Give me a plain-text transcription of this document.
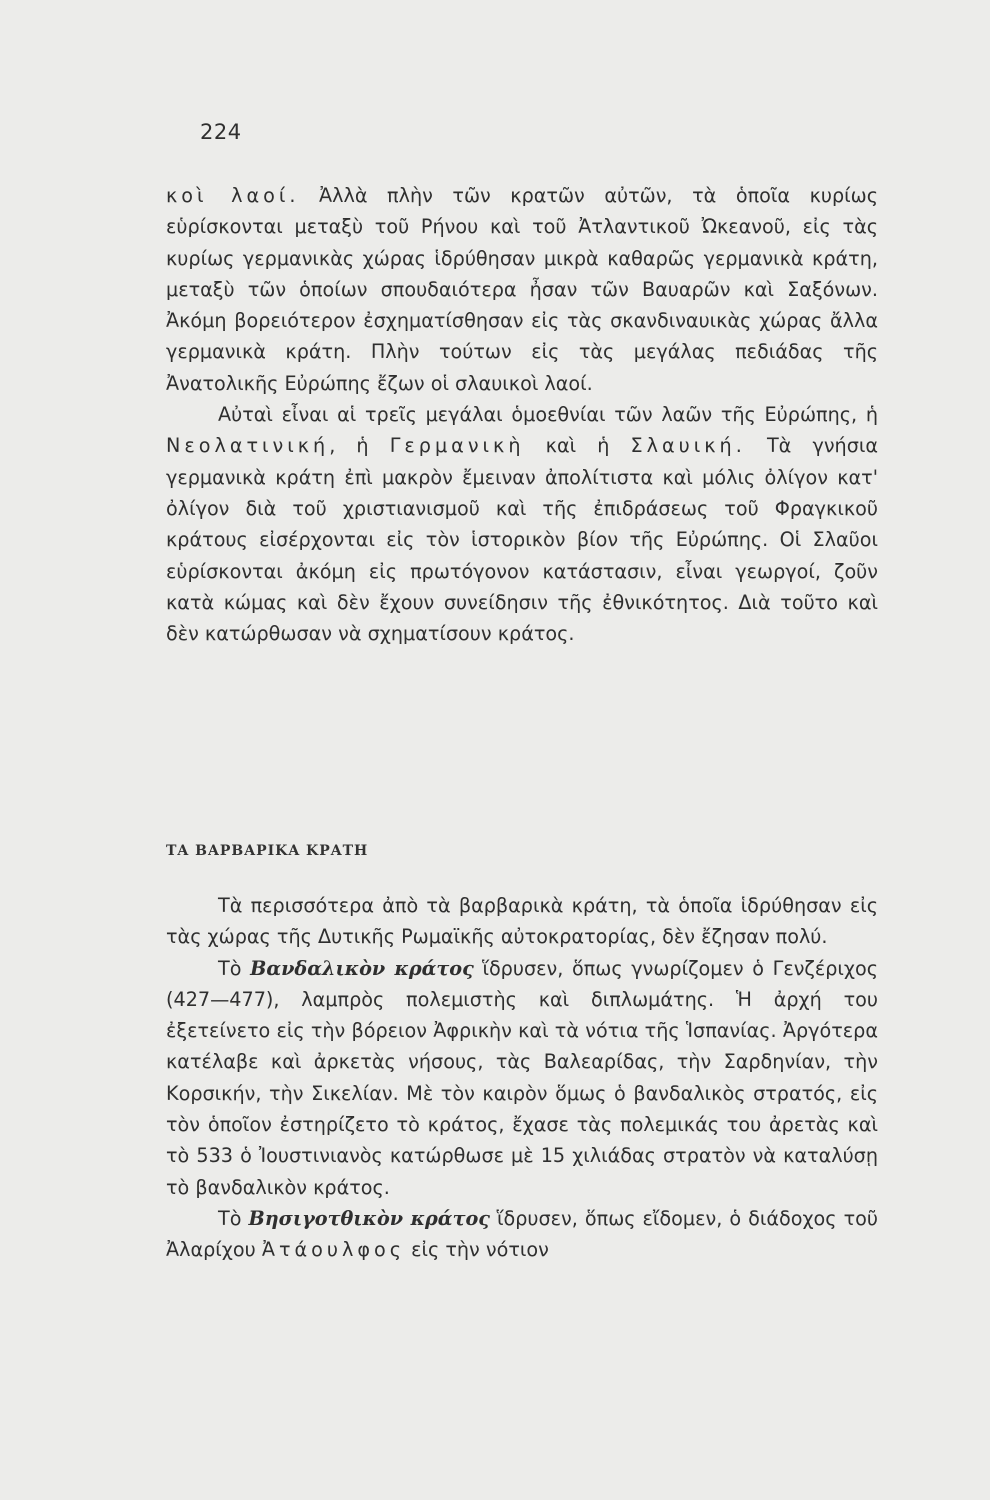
224

κοὶ λαοί. Ἀλλὰ πλὴν τῶν κρατῶν αὐτῶν, τὰ ὁποῖα κυρίως εὑρίσκονται μεταξὺ τοῦ Ρήνου καὶ τοῦ Ἀτλαντικοῦ Ὠκεανοῦ, εἰς τὰς κυρίως γερμανικὰς χώρας ἱδρύθησαν μικρὰ καθαρῶς γερμανικὰ κράτη, μεταξὺ τῶν ὁποίων σπουδαιότερα ἦσαν τῶν Βαυαρῶν καὶ Σαξόνων. Ἀκόμη βορειότερον ἐσχηματίσθησαν εἰς τὰς σκανδιναυικὰς χώρας ἄλλα γερμανικὰ κράτη. Πλὴν τούτων εἰς τὰς μεγάλας πεδιάδας τῆς Ἀνατολικῆς Εὐρώπης ἔζων οἱ σλαυικοὶ λαοί.

Αὐταὶ εἶναι αἱ τρεῖς μεγάλαι ὁμοεθνίαι τῶν λαῶν τῆς Εὐρώπης, ἡ Νεολατινική, ἡ Γερμανικὴ καὶ ἡ Σλαυική. Τὰ γνήσια γερμανικὰ κράτη ἐπὶ μακρὸν ἔμειναν ἀπολίτιστα καὶ μόλις ὀλίγον κατ' ὀλίγον διὰ τοῦ χριστιανισμοῦ καὶ τῆς ἐπιδράσεως τοῦ Φραγκικοῦ κράτους εἰσέρχονται εἰς τὸν ἱστορικὸν βίον τῆς Εὐρώπης. Οἱ Σλαῦοι εὑρίσκονται ἀκόμη εἰς πρωτόγονον κατάστασιν, εἶναι γεωργοί, ζοῦν κατὰ κώμας καὶ δὲν ἔχουν συνείδησιν τῆς ἐθνικότητος. Διὰ τοῦτο καὶ δὲν κατώρθωσαν νὰ σχηματίσουν κράτος.

ΤΑ ΒΑΡΒΑΡΙΚΑ ΚΡΑΤΗ

Τὰ περισσότερα ἀπὸ τὰ βαρβαρικὰ κράτη, τὰ ὁποῖα ἱδρύθησαν εἰς τὰς χώρας τῆς Δυτικῆς Ρωμαϊκῆς αὐτοκρατορίας, δὲν ἔζησαν πολύ.

Τὸ Βανδαλικὸν κράτος ἵδρυσεν, ὅπως γνωρίζομεν ὁ Γενζέριχος (427—477), λαμπρὸς πολεμιστὴς καὶ διπλωμάτης. Ἡ ἀρχή του ἐξετείνετο εἰς τὴν βόρειον Ἀφρικὴν καὶ τὰ νότια τῆς Ἱσπανίας. Ἀργότερα κατέλαβε καὶ ἀρκετὰς νήσους, τὰς Βαλεαρίδας, τὴν Σαρδηνίαν, τὴν Κορσικήν, τὴν Σικελίαν. Μὲ τὸν καιρὸν ὅμως ὁ βανδαλικὸς στρατός, εἰς τὸν ὁποῖον ἐστηρίζετο τὸ κράτος, ἔχασε τὰς πολεμικάς του ἀρετὰς καὶ τὸ 533 ὁ Ἰουστινιανὸς κατώρθωσε μὲ 15 χιλιάδας στρατὸν νὰ καταλύσῃ τὸ βανδαλικὸν κράτος.

Τὸ Βησιγοτθικὸν κράτος ἵδρυσεν, ὅπως εἴδομεν, ὁ διάδοχος τοῦ Ἀλαρίχου Ἀτάουλφος εἰς τὴν νότιον
